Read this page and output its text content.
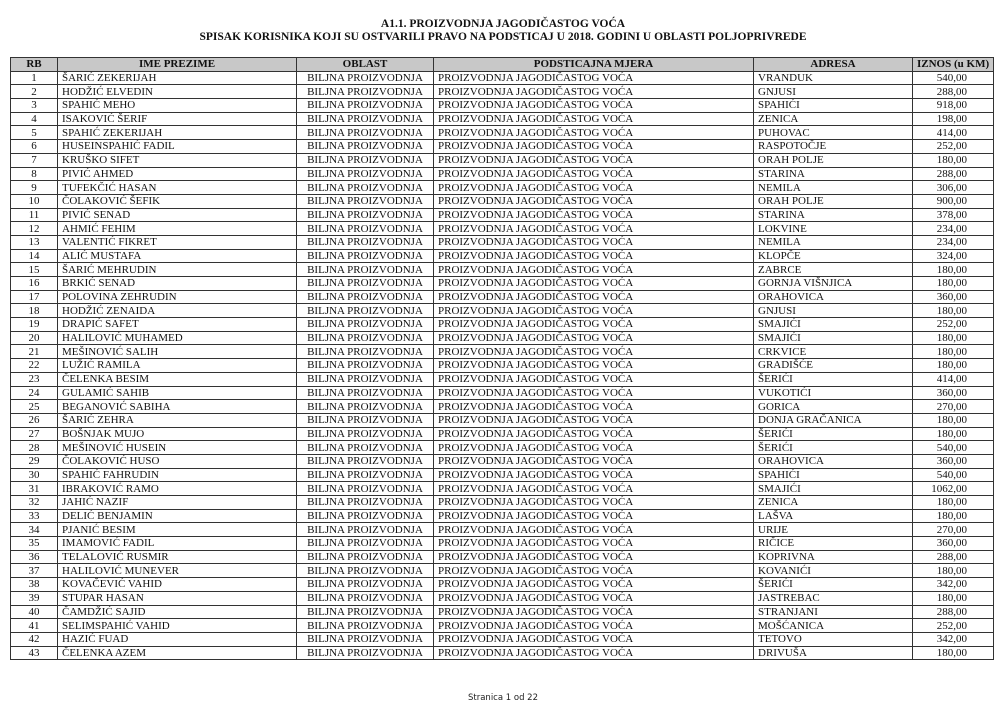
A1.1. PROIZVODNJA JAGODIČASTOG VOĆA
SPISAK KORISNIKA KOJI SU OSTVARILI PRAVO NA PODSTICAJ U 2018. GODINI U OBLASTI POLJOPRIVREDE
RB	IME PREZIME	OBLAST	PODSTICAJNA MJERA	ADRESA	IZNOS (u KM)
1	ŠARIĆ ZEKERIJAH	BILJNA PROIZVODNJA	PROIZVODNJA JAGODIČASTOG VOĆA	VRANDUK	540,00
2	HODŽIĆ ELVEDIN	BILJNA PROIZVODNJA	PROIZVODNJA JAGODIČASTOG VOĆA	GNJUSI	288,00
3	SPAHIĆ MEHO	BILJNA PROIZVODNJA	PROIZVODNJA JAGODIČASTOG VOĆA	SPAHIĆI	918,00
4	ISAKOVIĆ ŠERIF	BILJNA PROIZVODNJA	PROIZVODNJA JAGODIČASTOG VOĆA	ZENICA	198,00
5	SPAHIĆ ZEKERIJAH	BILJNA PROIZVODNJA	PROIZVODNJA JAGODIČASTOG VOĆA	PUHOVAC	414,00
6	HUSEINSPAHIĆ FADIL	BILJNA PROIZVODNJA	PROIZVODNJA JAGODIČASTOG VOĆA	RASPOTOČJE	252,00
7	KRUŠKO SIFET	BILJNA PROIZVODNJA	PROIZVODNJA JAGODIČASTOG VOĆA	ORAH POLJE	180,00
8	PIVIĆ AHMED	BILJNA PROIZVODNJA	PROIZVODNJA JAGODIČASTOG VOĆA	STARINA	288,00
9	TUFEKČIĆ HASAN	BILJNA PROIZVODNJA	PROIZVODNJA JAGODIČASTOG VOĆA	NEMILA	306,00
10	ČOLAKOVIĆ ŠEFIK	BILJNA PROIZVODNJA	PROIZVODNJA JAGODIČASTOG VOĆA	ORAH POLJE	900,00
11	PIVIĆ SENAD	BILJNA PROIZVODNJA	PROIZVODNJA JAGODIČASTOG VOĆA	STARINA	378,00
12	AHMIĆ FEHIM	BILJNA PROIZVODNJA	PROIZVODNJA JAGODIČASTOG VOĆA	LOKVINE	234,00
13	VALENTIĆ FIKRET	BILJNA PROIZVODNJA	PROIZVODNJA JAGODIČASTOG VOĆA	NEMILA	234,00
14	ALIĆ MUSTAFA	BILJNA PROIZVODNJA	PROIZVODNJA JAGODIČASTOG VOĆA	KLOPČE	324,00
15	ŠARIĆ MEHRUDIN	BILJNA PROIZVODNJA	PROIZVODNJA JAGODIČASTOG VOĆA	ZABRCE	180,00
16	BRKIĆ SENAD	BILJNA PROIZVODNJA	PROIZVODNJA JAGODIČASTOG VOĆA	GORNJA VIŠNJICA	180,00
17	POLOVINA ZEHRUDIN	BILJNA PROIZVODNJA	PROIZVODNJA JAGODIČASTOG VOĆA	ORAHOVICA	360,00
18	HODŽIĆ ZENAIDA	BILJNA PROIZVODNJA	PROIZVODNJA JAGODIČASTOG VOĆA	GNJUSI	180,00
19	DRAPIĆ SAFET	BILJNA PROIZVODNJA	PROIZVODNJA JAGODIČASTOG VOĆA	SMAJIĆI	252,00
20	HALILOVIĆ MUHAMED	BILJNA PROIZVODNJA	PROIZVODNJA JAGODIČASTOG VOĆA	SMAJIĆI	180,00
21	MEŠINOVIĆ SALIH	BILJNA PROIZVODNJA	PROIZVODNJA JAGODIČASTOG VOĆA	CRKVICE	180,00
22	LUŽIĆ RAMILA	BILJNA PROIZVODNJA	PROIZVODNJA JAGODIČASTOG VOĆA	GRADIŠĆE	180,00
23	ČELENKA BESIM	BILJNA PROIZVODNJA	PROIZVODNJA JAGODIČASTOG VOĆA	ŠERIĆI	414,00
24	GULAMIĆ SAHIB	BILJNA PROIZVODNJA	PROIZVODNJA JAGODIČASTOG VOĆA	VUKOTIĆI	360,00
25	BEGANOVIĆ SABIHA	BILJNA PROIZVODNJA	PROIZVODNJA JAGODIČASTOG VOĆA	GORICA	270,00
26	ŠARIĆ ZEHRA	BILJNA PROIZVODNJA	PROIZVODNJA JAGODIČASTOG VOĆA	DONJA GRAČANICA	180,00
27	BOŠNJAK MUJO	BILJNA PROIZVODNJA	PROIZVODNJA JAGODIČASTOG VOĆA	ŠERIĆI	180,00
28	MEŠINOVIĆ HUSEIN	BILJNA PROIZVODNJA	PROIZVODNJA JAGODIČASTOG VOĆA	ŠERIĆI	540,00
29	ČOLAKOVIĆ HUSO	BILJNA PROIZVODNJA	PROIZVODNJA JAGODIČASTOG VOĆA	ORAHOVICA	360,00
30	SPAHIĆ FAHRUDIN	BILJNA PROIZVODNJA	PROIZVODNJA JAGODIČASTOG VOĆA	SPAHIĆI	540,00
31	IBRAKOVIĆ RAMO	BILJNA PROIZVODNJA	PROIZVODNJA JAGODIČASTOG VOĆA	SMAJIĆI	1062,00
32	JAHIĆ NAZIF	BILJNA PROIZVODNJA	PROIZVODNJA JAGODIČASTOG VOĆA	ZENICA	180,00
33	DELIĆ BENJAMIN	BILJNA PROIZVODNJA	PROIZVODNJA JAGODIČASTOG VOĆA	LAŠVA	180,00
34	PJANIĆ BESIM	BILJNA PROIZVODNJA	PROIZVODNJA JAGODIČASTOG VOĆA	URIJE	270,00
35	IMAMOVIĆ FADIL	BILJNA PROIZVODNJA	PROIZVODNJA JAGODIČASTOG VOĆA	RIČICE	360,00
36	TELALOVIĆ RUSMIR	BILJNA PROIZVODNJA	PROIZVODNJA JAGODIČASTOG VOĆA	KOPRIVNA	288,00
37	HALILOVIĆ MUNEVER	BILJNA PROIZVODNJA	PROIZVODNJA JAGODIČASTOG VOĆA	KOVANIĆI	180,00
38	KOVAČEVIĆ VAHID	BILJNA PROIZVODNJA	PROIZVODNJA JAGODIČASTOG VOĆA	ŠERIĆI	342,00
39	STUPAR HASAN	BILJNA PROIZVODNJA	PROIZVODNJA JAGODIČASTOG VOĆA	JASTREBAC	180,00
40	ČAMDŽIĆ SAJID	BILJNA PROIZVODNJA	PROIZVODNJA JAGODIČASTOG VOĆA	STRANJANI	288,00
41	SELIMSPAHIĆ VAHID	BILJNA PROIZVODNJA	PROIZVODNJA JAGODIČASTOG VOĆA	MOŠĆANICA	252,00
42	HAZIĆ FUAD	BILJNA PROIZVODNJA	PROIZVODNJA JAGODIČASTOG VOĆA	TETOVO	342,00
43	ČELENKA AZEM	BILJNA PROIZVODNJA	PROIZVODNJA JAGODIČASTOG VOĆA	DRIVUŠA	180,00
Stranica 1 od 22
